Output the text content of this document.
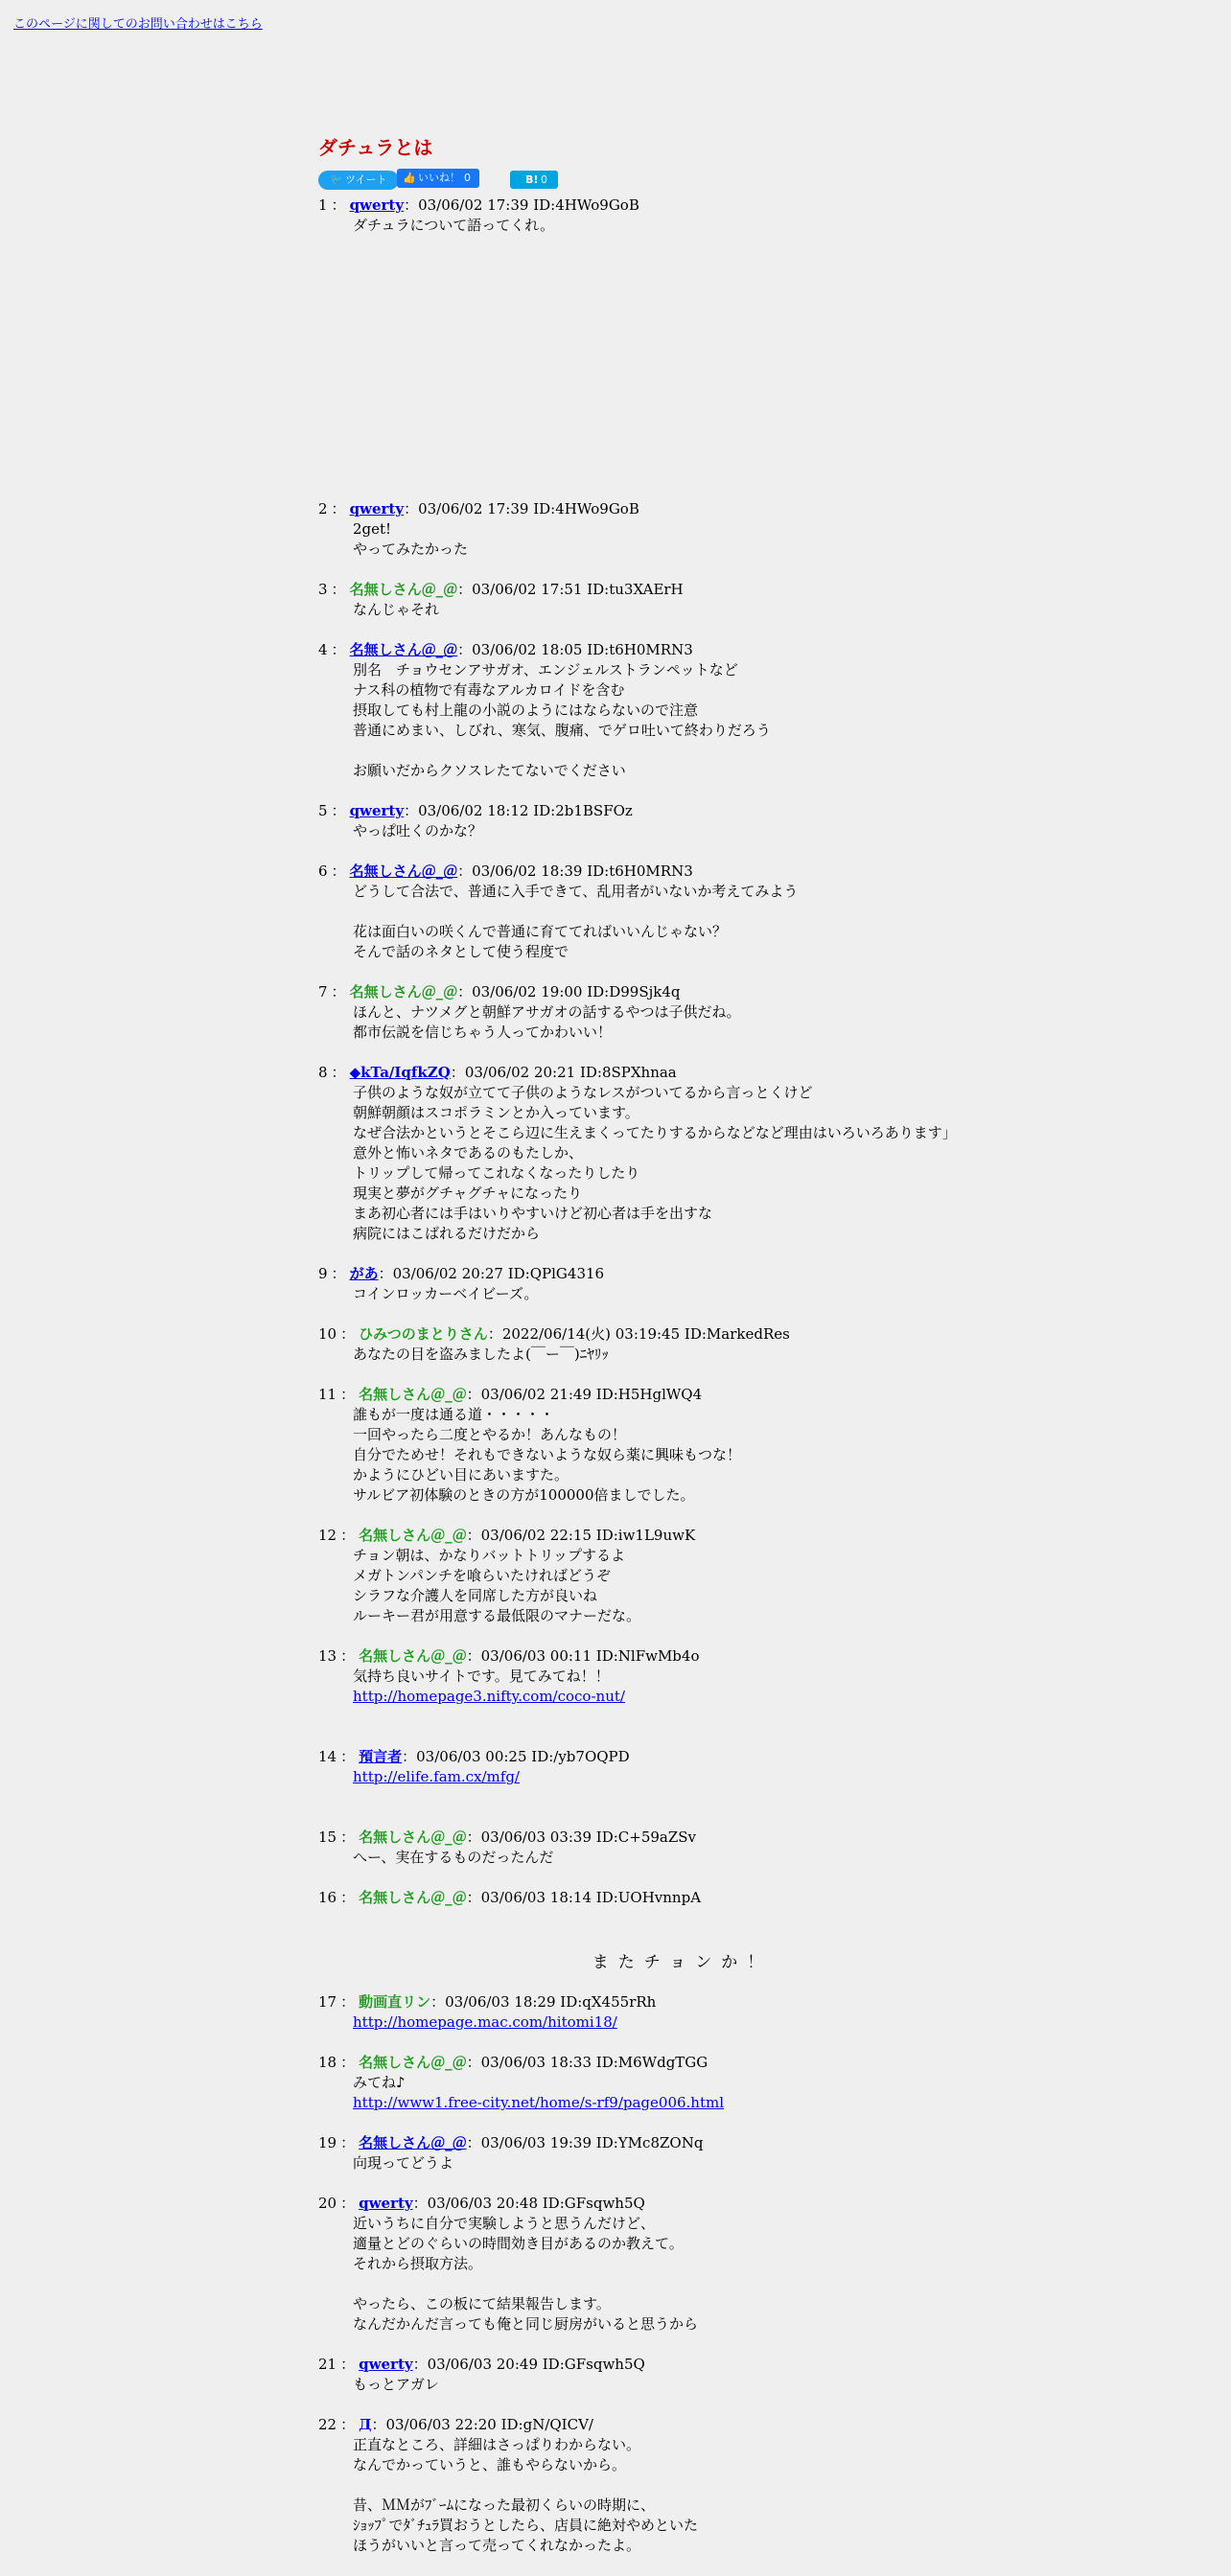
このページに関してのお問い合わせはこちら
ダチュラとは
🐦 ツイート 👍 いいね！ 0	B! 0
1 ： qwerty：03/06/02 17:39 ID:4HWo9GoB
ダチュラについて語ってくれ。
2 ： qwerty：03/06/02 17:39 ID:4HWo9GoB
2get!
やってみたかった
3 ： 名無しさん＠_＠：03/06/02 17:51 ID:tu3XAErH
なんじゃそれ
4 ： 名無しさん＠_＠：03/06/02 18:05 ID:t6H0MRN3
別名　チョウセンアサガオ、エンジェルストランペットなど
ナス科の植物で有毒なアルカロイドを含む
摂取しても村上龍の小説のようにはならないので注意
普通にめまい、しびれ、寒気、腹痛、でゲロ吐いて終わりだろう

お願いだからクソスレたてないでください
5 ： qwerty：03/06/02 18:12 ID:2b1BSFOz
やっぱ吐くのかな？
6 ： 名無しさん＠_＠：03/06/02 18:39 ID:t6H0MRN3
どうして合法で、普通に入手できて、乱用者がいないか考えてみよう

花は面白いの咲くんで普通に育ててればいいんじゃない？
そんで話のネタとして使う程度で
7 ： 名無しさん＠_＠：03/06/02 19:00 ID:D99Sjk4q
ほんと、ナツメグと朝鮮アサガオの話するやつは子供だね。
都市伝説を信じちゃう人ってかわいい！
8 ： ◆kTa/IqfkZQ：03/06/02 20:21 ID:8SPXhnaa
子供のような奴が立てて子供のようなレスがついてるから言っとくけど
朝鮮朝顔はスコポラミンとか入っています。
なぜ合法かというとそこら辺に生えまくってたりするからなどなど理由はいろいろあります」
意外と怖いネタであるのもたしか、
トリップして帰ってこれなくなったりしたり
現実と夢がグチャグチャになったり
まあ初心者には手はいりやすいけど初心者は手を出すな
病院にはこばれるだけだから
9 ： があ：03/06/02 20:27 ID:QPlG4316
コインロッカーベイビーズ。
10 ： ひみつのまとりさん：2022/06/14(火) 03:19:45 ID:MarkedRes
あなたの目を盗みましたよ(￣ー￣)ﾆﾔﾘｯ
11 ： 名無しさん＠_＠：03/06/02 21:49 ID:H5HglWQ4
誰もが一度は通る道・・・・・
一回やったら二度とやるか！あんなもの！
自分でためせ！それもできないような奴ら薬に興味もつな！
かようにひどい目にあいますた。
サルビア初体験のときの方が100000倍ましでした。
12 ： 名無しさん＠_＠：03/06/02 22:15 ID:iw1L9uwK
チョン朝は、かなりバットトリップするよ
メガトンパンチを喰らいたければどうぞ
シラフな介護人を同席した方が良いね
ルーキー君が用意する最低限のマナーだな。
13 ： 名無しさん＠_＠：03/06/03 00:11 ID:NlFwMb4o
気持ち良いサイトです。見てみてね！！
http://homepage3.nifty.com/coco-nut/
14 ： 預言者：03/06/03 00:25 ID:/yb7OQPD
http://elife.fam.cx/mfg/
15 ： 名無しさん＠_＠：03/06/03 03:39 ID:C+59aZSv
へー、実在するものだったんだ
16 ： 名無しさん＠_＠：03/06/03 18:14 ID:UOHvnnpA
またチョンか！
17 ： 動画直リン：03/06/03 18:29 ID:qX455rRh
http://homepage.mac.com/hitomi18/
18 ： 名無しさん＠_＠：03/06/03 18:33 ID:M6WdgTGG
みてね♪
http://www1.free-city.net/home/s-rf9/page006.html
19 ： 名無しさん＠_＠：03/06/03 19:39 ID:YMc8ZONq
向現ってどうよ
20 ： qwerty：03/06/03 20:48 ID:GFsqwh5Q
近いうちに自分で実験しようと思うんだけど、
適量とどのぐらいの時間効き目があるのか教えて。
それから摂取方法。

やったら、この板にて結果報告します。
なんだかんだ言っても俺と同じ厨房がいると思うから
21 ： qwerty：03/06/03 20:49 ID:GFsqwh5Q
もっとアガレ
22 ： Д：03/06/03 22:20 ID:gN/QICV/
正直なところ、詳細はさっぱりわからない。
なんでかっていうと、誰もやらないから。

昔、ＭＭがﾌﾞｰﾑになった最初くらいの時期に、
ｼｮｯﾌﾟでﾀﾞﾁｭﾗ買おうとしたら、店員に絶対やめといた
ほうがいいと言って売ってくれなかったよ。
